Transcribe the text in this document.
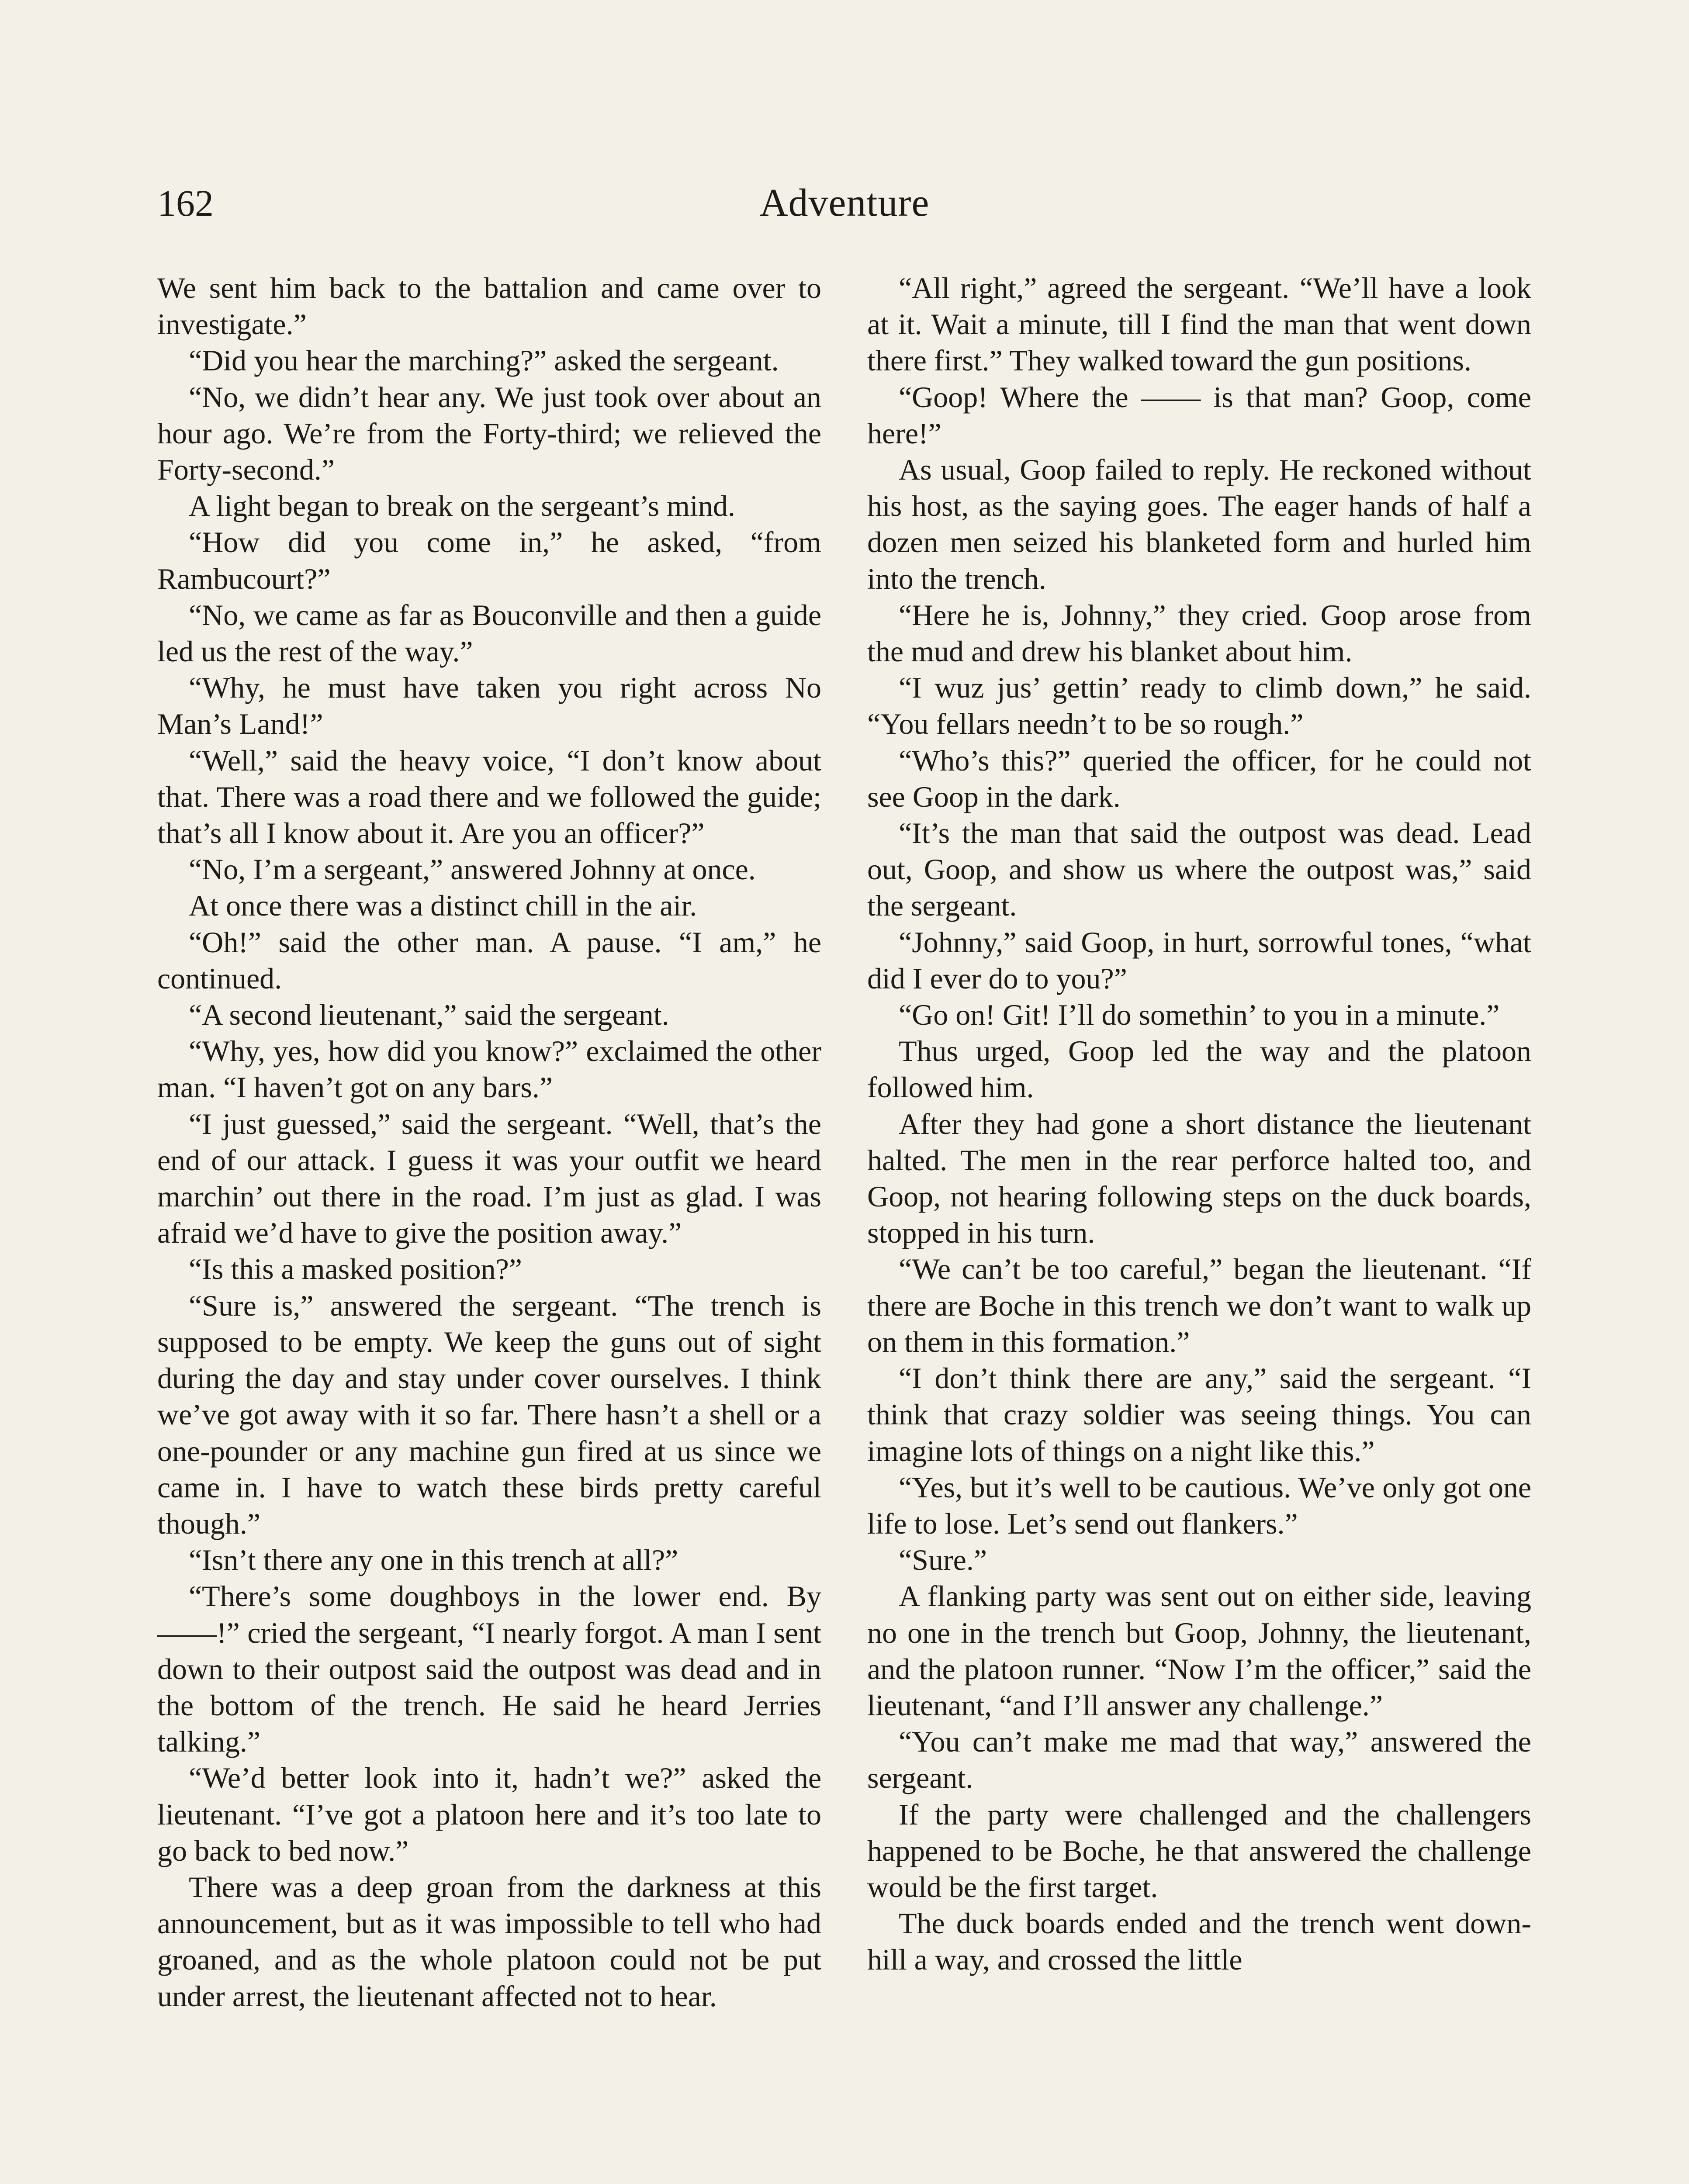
162	Adventure

We sent him back to the battalion and came over to investigate.”

“Did you hear the marching?” asked the sergeant.

“No, we didn’t hear any. We just took over about an hour ago. We’re from the Forty-third; we relieved the Forty-second.”

A light began to break on the sergeant’s mind.

“How did you come in,” he asked, “from Rambucourt?”

“No, we came as far as Bouconville and then a guide led us the rest of the way.”

“Why, he must have taken you right across No Man’s Land!”

“Well,” said the heavy voice, “I don’t know about that. There was a road there and we followed the guide; that’s all I know about it. Are you an officer?”

“No, I’m a sergeant,” answered Johnny at once.

At once there was a distinct chill in the air.

“Oh!” said the other man. A pause. “I am,” he continued.

“A second lieutenant,” said the sergeant.

“Why, yes, how did you know?” exclaimed the other man. “I haven’t got on any bars.”

“I just guessed,” said the sergeant. “Well, that’s the end of our attack. I guess it was your outfit we heard marchin’ out there in the road. I’m just as glad. I was afraid we’d have to give the position away.”

“Is this a masked position?”

“Sure is,” answered the sergeant. “The trench is supposed to be empty. We keep the guns out of sight during the day and stay under cover ourselves. I think we’ve got away with it so far. There hasn’t a shell or a one-pounder or any machine gun fired at us since we came in. I have to watch these birds pretty careful though.”

“Isn’t there any one in this trench at all?”

“There’s some doughboys in the lower end. By ——!” cried the sergeant, “I nearly forgot. A man I sent down to their outpost said the outpost was dead and in the bottom of the trench. He said he heard Jerries talking.”

“We’d better look into it, hadn’t we?” asked the lieutenant. “I’ve got a platoon here and it’s too late to go back to bed now.”

There was a deep groan from the darkness at this announcement, but as it was impossible to tell who had groaned, and as the whole platoon could not be put under arrest, the lieutenant affected not to hear.

“All right,” agreed the sergeant. “We’ll have a look at it. Wait a minute, till I find the man that went down there first.” They walked toward the gun positions.

“Goop! Where the —— is that man? Goop, come here!”

As usual, Goop failed to reply. He reckoned without his host, as the saying goes. The eager hands of half a dozen men seized his blanketed form and hurled him into the trench.

“Here he is, Johnny,” they cried. Goop arose from the mud and drew his blanket about him.

“I wuz jus’ gettin’ ready to climb down,” he said. “You fellars needn’t to be so rough.”

“Who’s this?” queried the officer, for he could not see Goop in the dark.

“It’s the man that said the outpost was dead. Lead out, Goop, and show us where the outpost was,” said the sergeant.

“Johnny,” said Goop, in hurt, sorrowful tones, “what did I ever do to you?”

“Go on! Git! I’ll do somethin’ to you in a minute.”

Thus urged, Goop led the way and the platoon followed him.

After they had gone a short distance the lieutenant halted. The men in the rear perforce halted too, and Goop, not hearing following steps on the duck boards, stopped in his turn.

“We can’t be too careful,” began the lieutenant. “If there are Boche in this trench we don’t want to walk up on them in this formation.”

“I don’t think there are any,” said the sergeant. “I think that crazy soldier was seeing things. You can imagine lots of things on a night like this.”

“Yes, but it’s well to be cautious. We’ve only got one life to lose. Let’s send out flankers.”

“Sure.”

A flanking party was sent out on either side, leaving no one in the trench but Goop, Johnny, the lieutenant, and the platoon runner. “Now I’m the officer,” said the lieutenant, “and I’ll answer any challenge.”

“You can’t make me mad that way,” answered the sergeant.

If the party were challenged and the challengers happened to be Boche, he that answered the challenge would be the first target.

The duck boards ended and the trench went down-hill a way, and crossed the little
